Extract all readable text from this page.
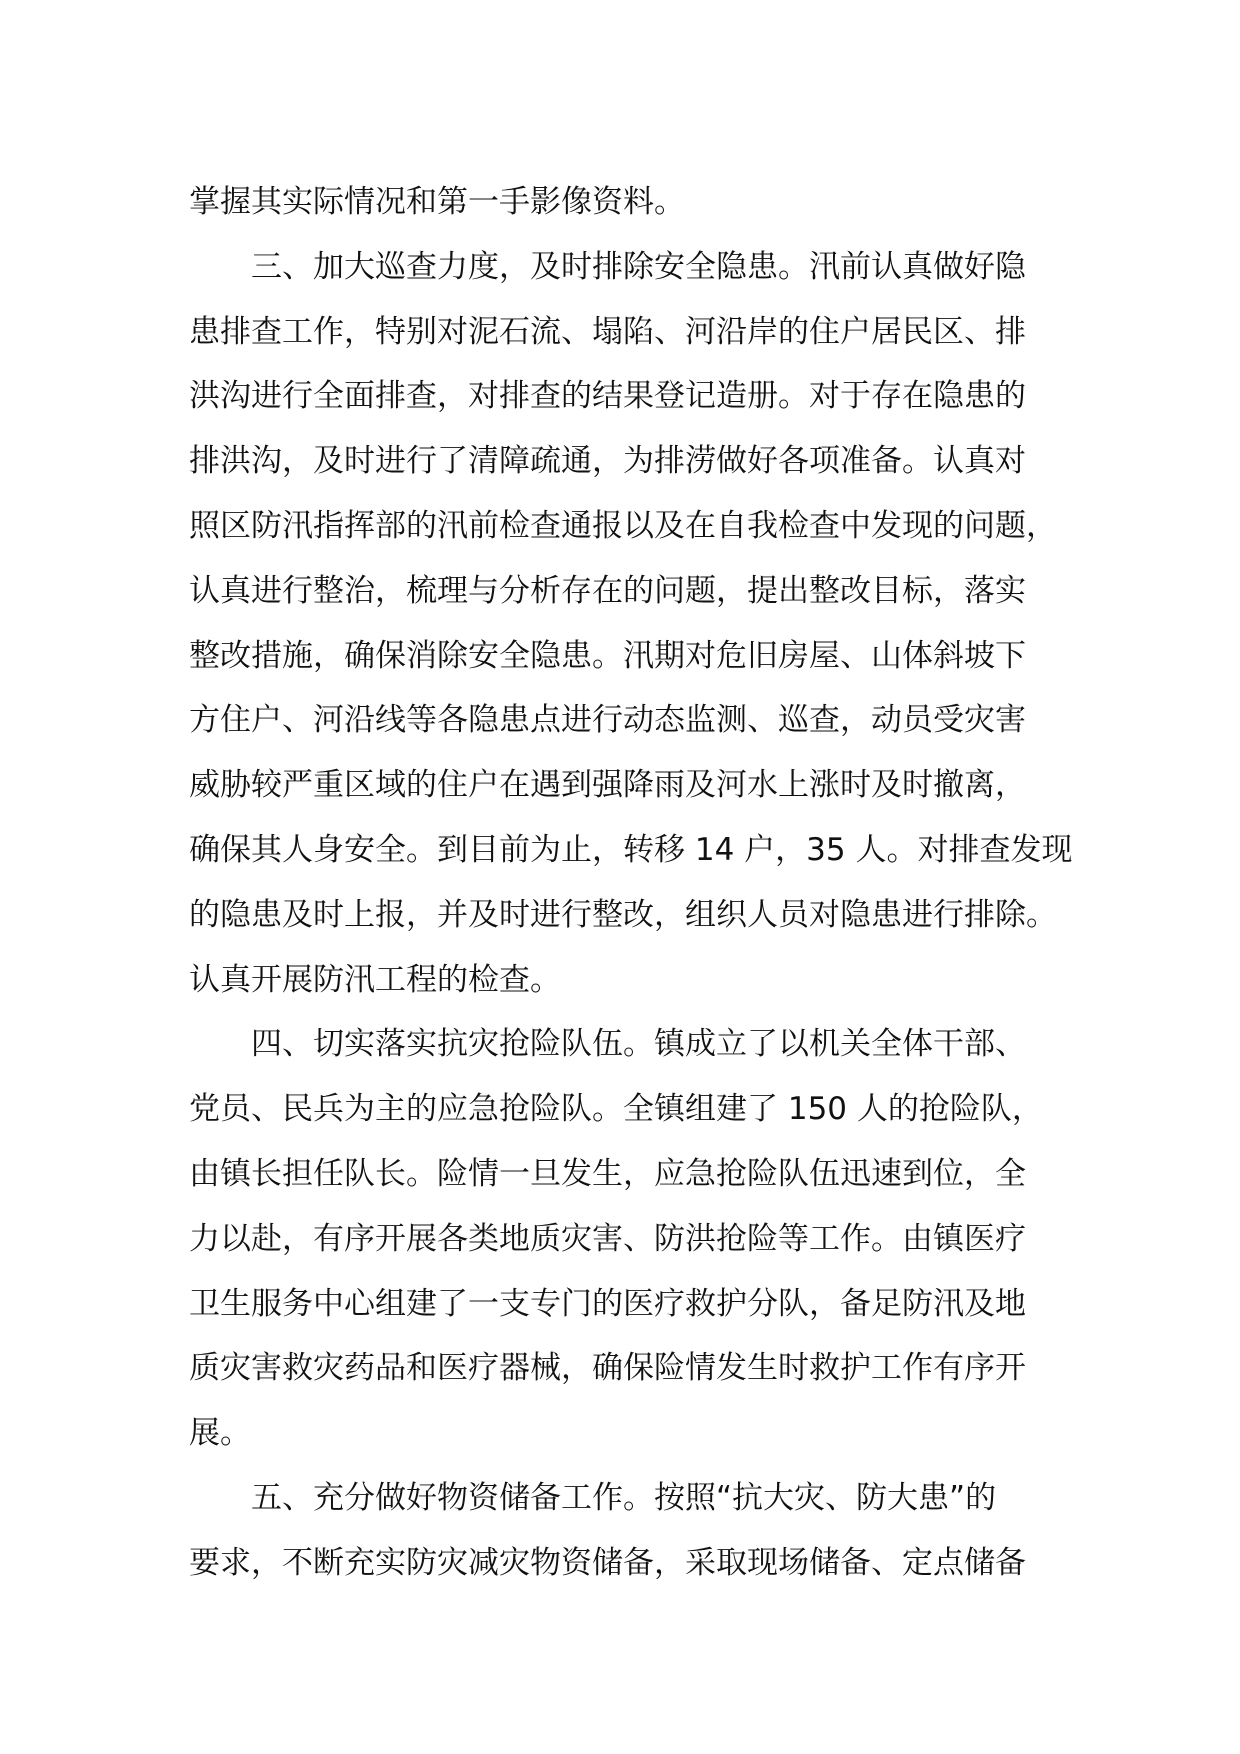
掌握其实际情况和第一手影像资料。
三、加大巡查力度，及时排除安全隐患。汛前认真做好隐
患排查工作，特别对泥石流、塌陷、河沿岸的住户居民区、排
洪沟进行全面排查，对排查的结果登记造册。对于存在隐患的
排洪沟，及时进行了清障疏通，为排涝做好各项准备。认真对
照区防汛指挥部的汛前检查通报以及在自我检查中发现的问题，
认真进行整治，梳理与分析存在的问题，提出整改目标，落实
整改措施，确保消除安全隐患。汛期对危旧房屋、山体斜坡下
方住户、河沿线等各隐患点进行动态监测、巡查，动员受灾害
威胁较严重区域的住户在遇到强降雨及河水上涨时及时撤离，
确保其人身安全。到目前为止，转移 14 户，35 人。对排查发现
的隐患及时上报，并及时进行整改，组织人员对隐患进行排除。
认真开展防汛工程的检查。
四、切实落实抗灾抢险队伍。镇成立了以机关全体干部、
党员、民兵为主的应急抢险队。全镇组建了 150 人的抢险队，
由镇长担任队长。险情一旦发生，应急抢险队伍迅速到位，全
力以赴，有序开展各类地质灾害、防洪抢险等工作。由镇医疗
卫生服务中心组建了一支专门的医疗救护分队，备足防汛及地
质灾害救灾药品和医疗器械，确保险情发生时救护工作有序开
展。
五、充分做好物资储备工作。按照“抗大灾、防大患”的
要求，不断充实防灾减灾物资储备，采取现场储备、定点储备
